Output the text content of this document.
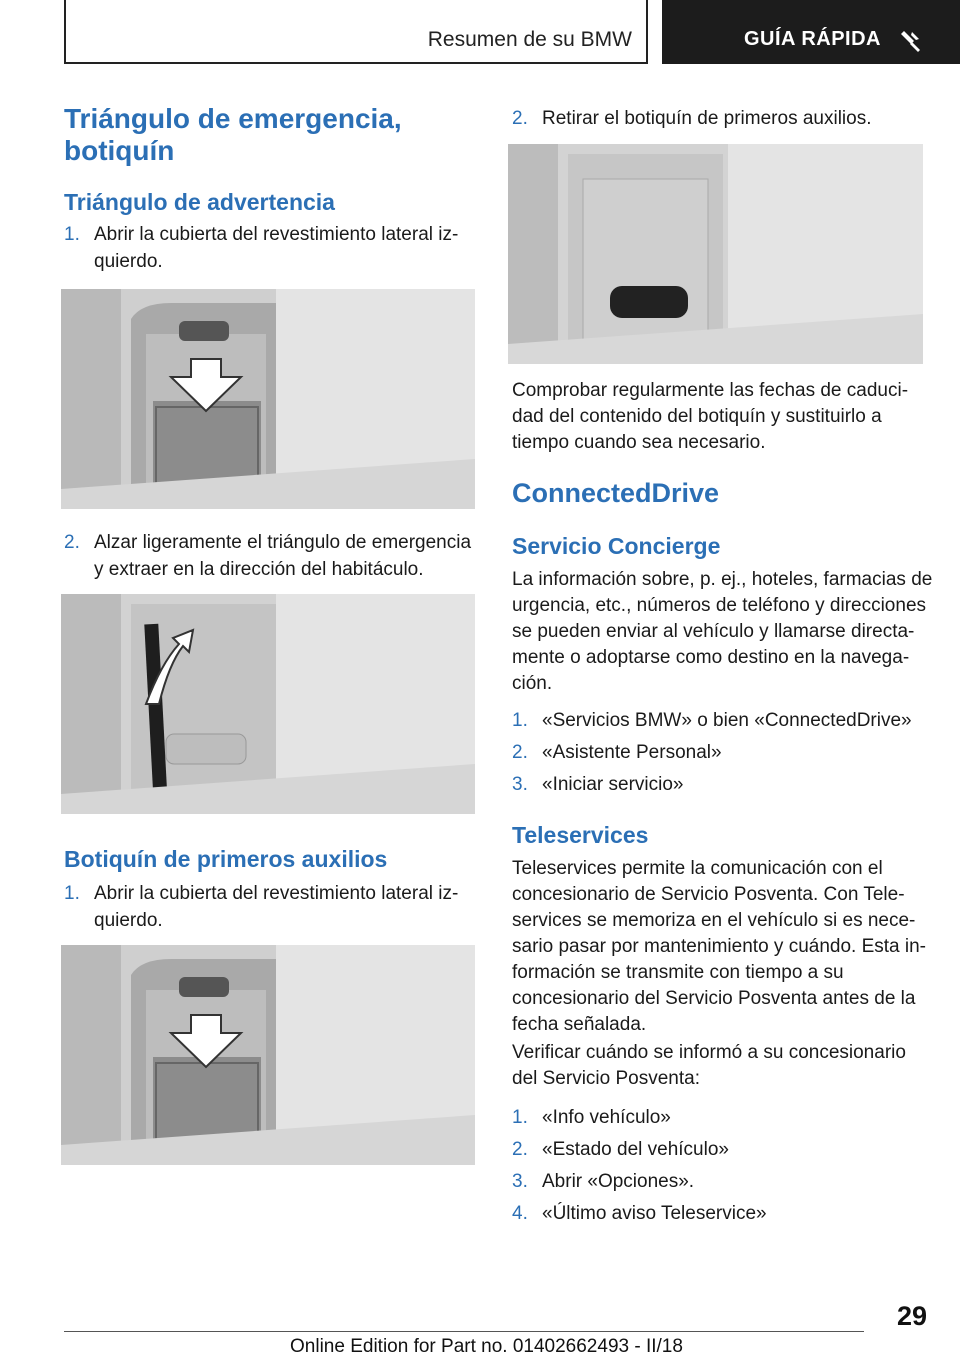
Resumen de su BMW	GUÍA RÁPIDA
Triángulo de emergencia,
botiquín
Triángulo de advertencia
1. Abrir la cubierta del revestimiento lateral iz-
quierdo.
2. Alzar ligeramente el triángulo de emergencia
y extraer en la dirección del habitáculo.
Botiquín de primeros auxilios
1. Abrir la cubierta del revestimiento lateral iz-
quierdo.
2. Retirar el botiquín de primeros auxilios.
Comprobar regularmente las fechas de caduci-
dad del contenido del botiquín y sustituirlo a
tiempo cuando sea necesario.
ConnectedDrive
Servicio Concierge
La información sobre, p. ej., hoteles, farmacias de
urgencia, etc., números de teléfono y direcciones
se pueden enviar al vehículo y llamarse directa-
mente o adoptarse como destino en la navega-
ción.
1. «Servicios BMW» o bien «ConnectedDrive»
2. «Asistente Personal»
3. «Iniciar servicio»
Teleservices
Teleservices permite la comunicación con el
concesionario de Servicio Posventa. Con Tele-
services se memoriza en el vehículo si es nece-
sario pasar por mantenimiento y cuándo. Esta in-
formación se transmite con tiempo a su
concesionario del Servicio Posventa antes de la
fecha señalada.
Verificar cuándo se informó a su concesionario
del Servicio Posventa:
1. «Info vehículo»
2. «Estado del vehículo»
3. Abrir «Opciones».
4. «Último aviso Teleservice»
29
Online Edition for Part no. 01402662493 - II/18
